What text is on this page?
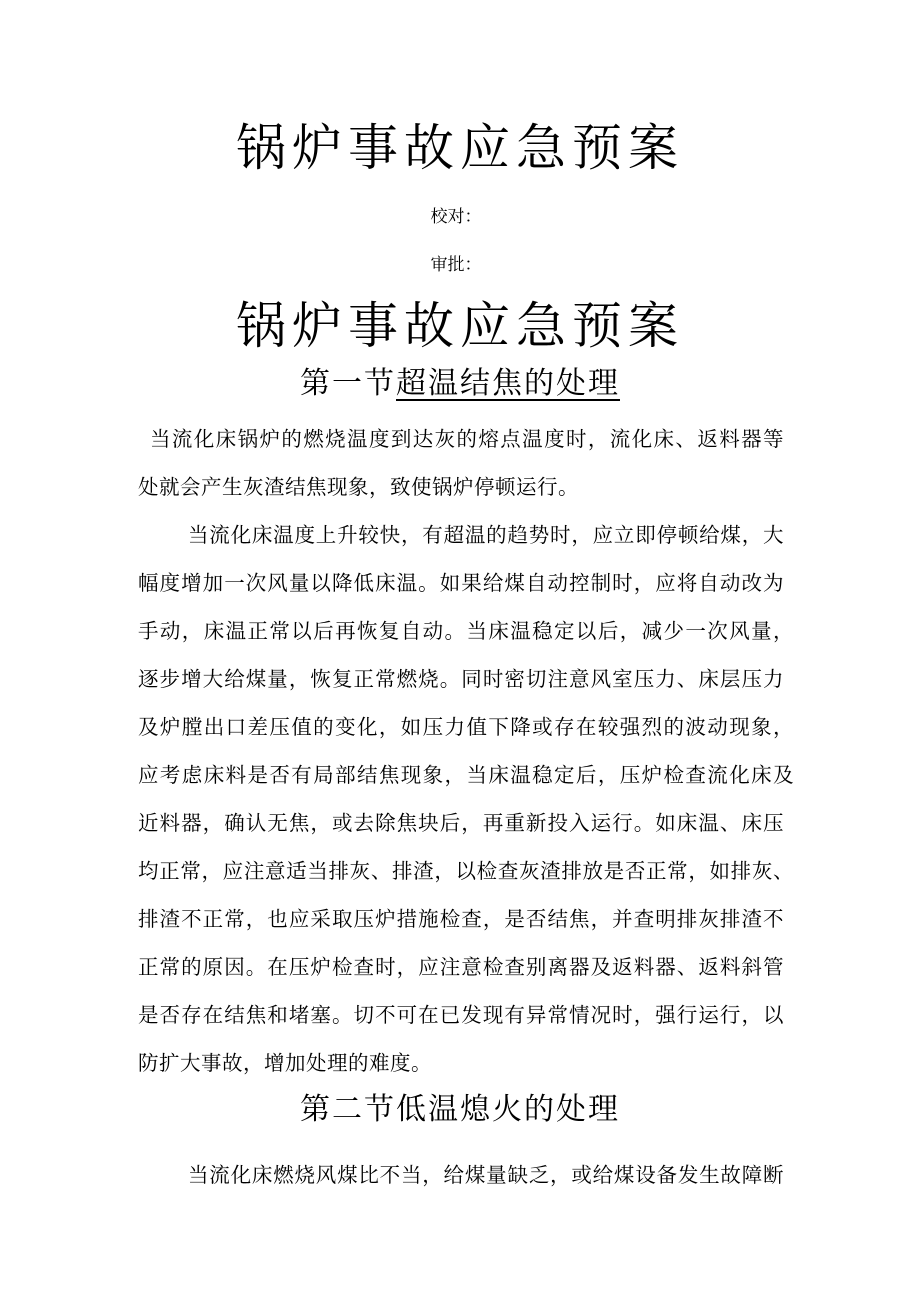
锅炉事故应急预案
校对：
审批：
锅炉事故应急预案
第一节超温结焦的处理
当流化床锅炉的燃烧温度到达灰的熔点温度时，流化床、返料器等
处就会产生灰渣结焦现象，致使锅炉停顿运行。
当流化床温度上升较快，有超温的趋势时，应立即停顿给煤，大
幅度增加一次风量以降低床温。如果给煤自动控制时，应将自动改为
手动，床温正常以后再恢复自动。当床温稳定以后，减少一次风量，
逐步增大给煤量，恢复正常燃烧。同时密切注意风室压力、床层压力
及炉膛出口差压值的变化，如压力值下降或存在较强烈的波动现象，
应考虑床料是否有局部结焦现象，当床温稳定后，压炉检查流化床及
近料器，确认无焦，或去除焦块后，再重新投入运行。如床温、床压
均正常，应注意适当排灰、排渣，以检查灰渣排放是否正常，如排灰、
排渣不正常，也应采取压炉措施检查，是否结焦，并查明排灰排渣不
正常的原因。在压炉检查时，应注意检查别离器及返料器、返料斜管
是否存在结焦和堵塞。切不可在已发现有异常情况时，强行运行，以
防扩大事故，增加处理的难度。
第二节低温熄火的处理
当流化床燃烧风煤比不当，给煤量缺乏，或给煤设备发生故障断
